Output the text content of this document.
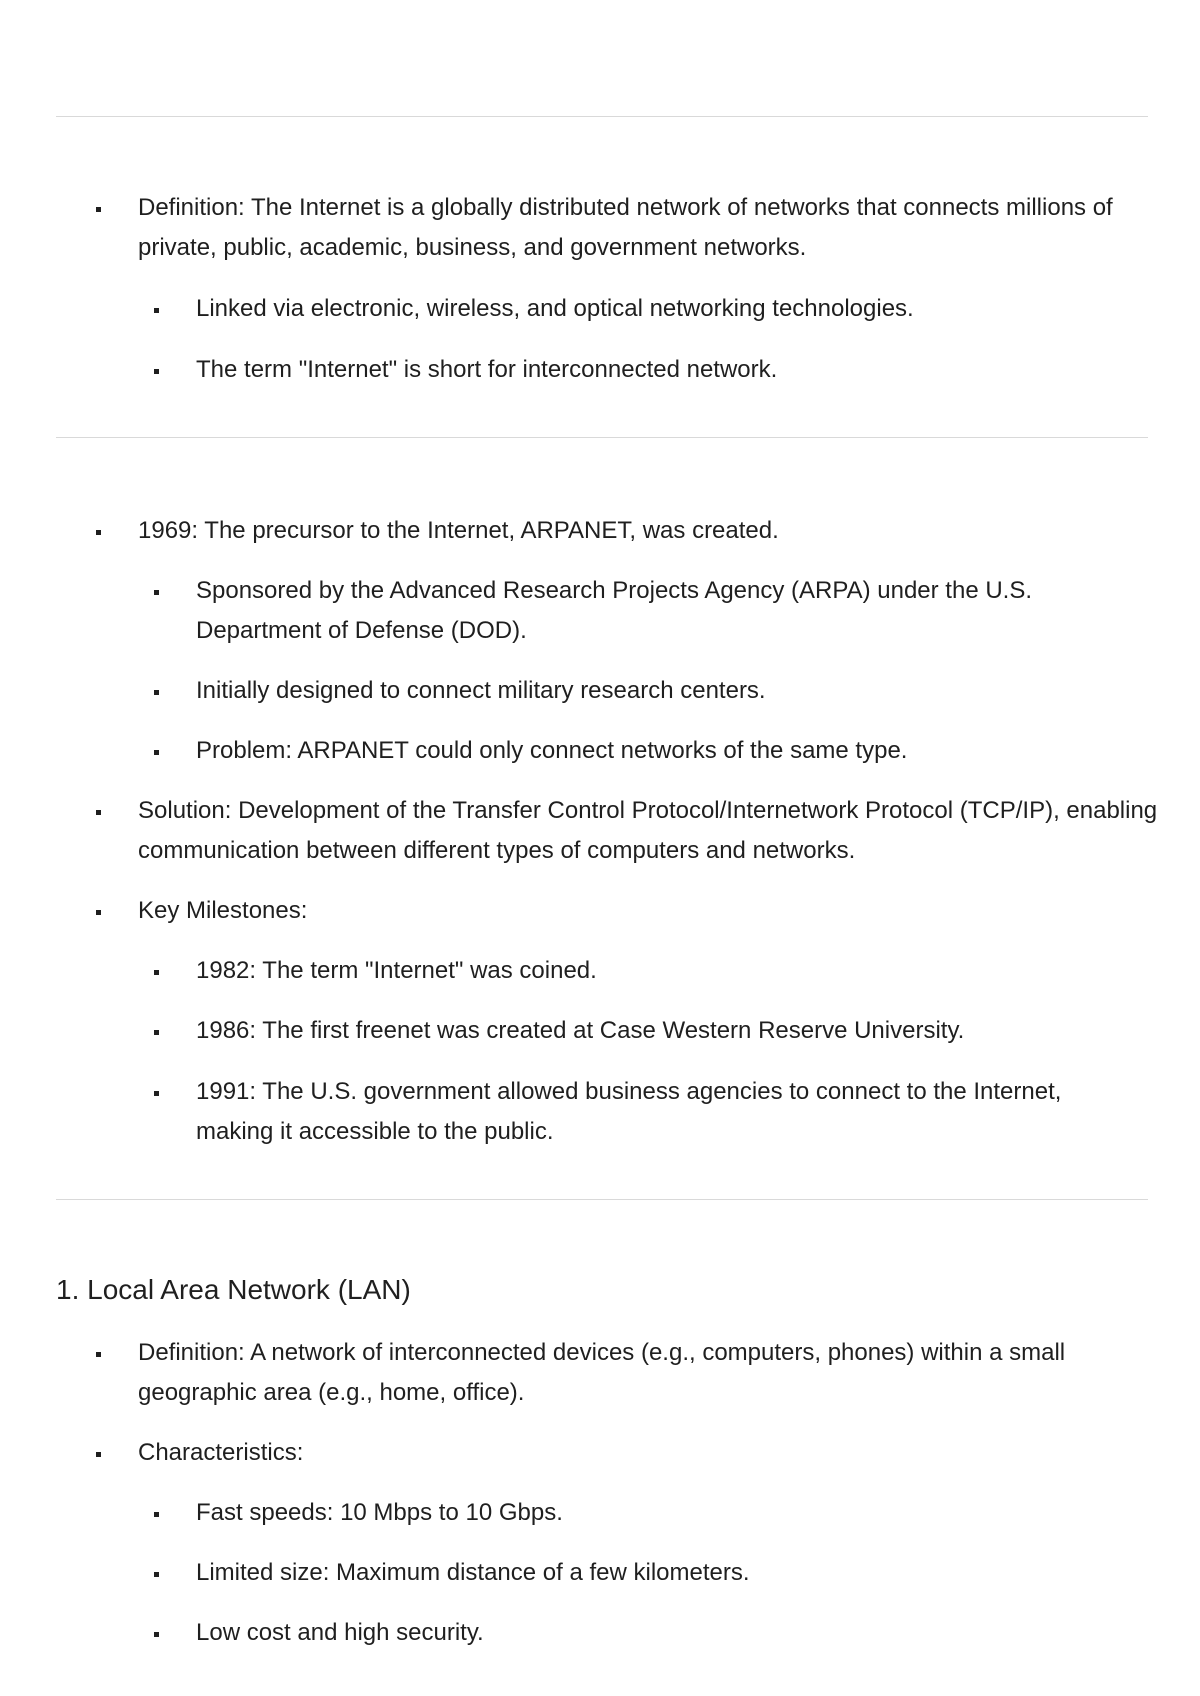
Definition: The Internet is a globally distributed network of networks that connects millions of private, public, academic, business, and government networks.
Linked via electronic, wireless, and optical networking technologies.
The term "Internet" is short for interconnected network.
1969: The precursor to the Internet, ARPANET, was created.
Sponsored by the Advanced Research Projects Agency (ARPA) under the U.S. Department of Defense (DOD).
Initially designed to connect military research centers.
Problem: ARPANET could only connect networks of the same type.
Solution: Development of the Transfer Control Protocol/Internetwork Protocol (TCP/IP), enabling communication between different types of computers and networks.
Key Milestones:
1982: The term "Internet" was coined.
1986: The first freenet was created at Case Western Reserve University.
1991: The U.S. government allowed business agencies to connect to the Internet, making it accessible to the public.
1. Local Area Network (LAN)
Definition: A network of interconnected devices (e.g., computers, phones) within a small geographic area (e.g., home, office).
Characteristics:
Fast speeds: 10 Mbps to 10 Gbps.
Limited size: Maximum distance of a few kilometers.
Low cost and high security.
